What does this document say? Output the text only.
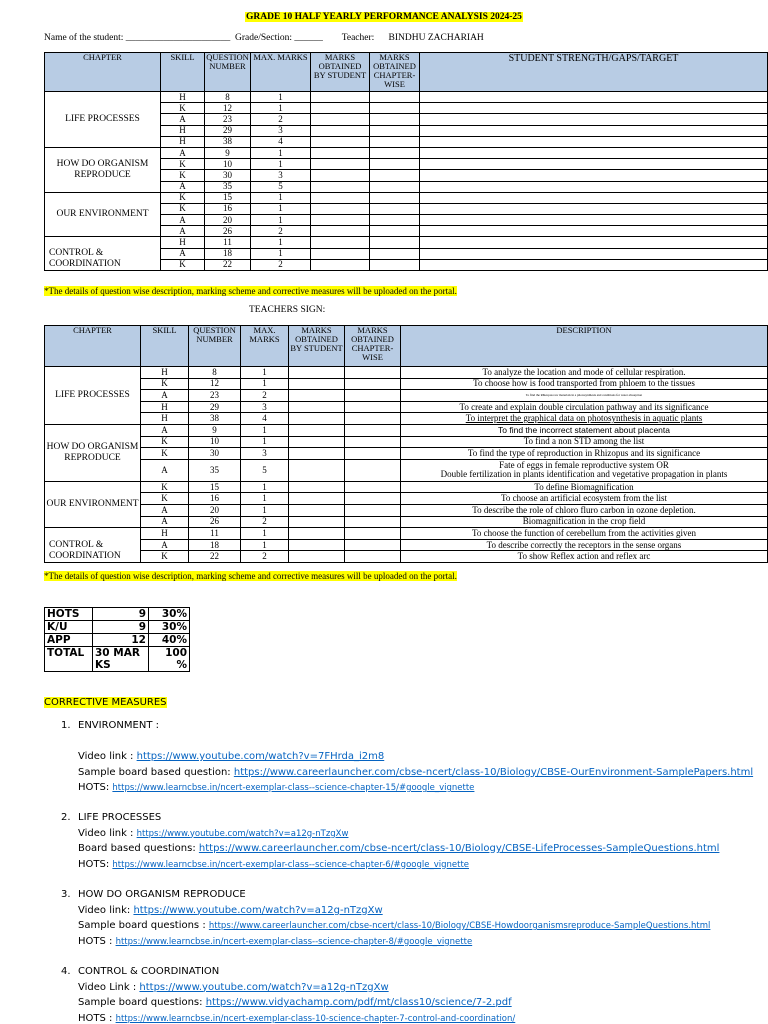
GRADE 10 HALF YEARLY PERFORMANCE ANALYSIS 2024-25
Name of the student: ______________________  Grade/Section: ______        Teacher:      BINDHU ZACHARIAH
CHAPTER	SKILL	QUESTION NUMBER	MAX. MARKS	MARKS OBTAINED BY STUDENT	MARKS OBTAINED CHAPTER-WISE	STUDENT STRENGTH/GAPS/TARGET
LIFE PROCESSES	H	8	1			
	K	12	1			
	A	23	2			
	H	29	3			
	H	38	4			
HOW DO ORGANISM REPRODUCE	A	9	1			
	K	10	1			
	K	30	3			
	A	35	5			
OUR ENVIRONMENT	K	15	1			
	K	16	1			
	A	20	1			
	A	26	2			
CONTROL & COORDINATION	H	11	1			
	A	18	1			
	K	22	2			
*The details of question wise description, marking scheme and corrective measures will be uploaded on the portal.
TEACHERS SIGN:
CHAPTER	SKILL	QUESTION NUMBER	MAX. MARKS	MARKS OBTAINED BY STUDENT	MARKS OBTAINED CHAPTER-WISE	DESCRIPTION
LIFE PROCESSES	H	8	1			To analyze the location and mode of cellular respiration.

	K	12	1			To choose how is food transported from phloem to the tissues

	A	23	2			To find the Rhizopus raw materials in a photosynthesis and conditions for water absorption

	H	29	3			To create and explain double circulation pathway and its significance

	H	38	4			To interpret the graphical data on photosynthesis in aquatic plants

HOW DO ORGANISM REPRODUCE	A	9	1			To find the incorrect statement about placenta

	K	10	1			To find a non STD among the list

	K	30	3			To find the type of reproduction in Rhizopus and its significance

	A	35	5			Fate of eggs in female reproductive system OR
Double fertilization in plants identification and vegetative propagation in plants

OUR ENVIRONMENT	K	15	1			To define Biomagnification

	K	16	1			To choose an artificial ecosystem from the list

	A	20	1			To describe the role of chloro fluro carbon in ozone depletion.

	A	26	2			Biomagnification in the crop field

CONTROL & COORDINATION	H	11	1			To choose the function of cerebellum from the activities given

	A	18	1			To describe correctly the receptors in the sense organs

	K	22	2			To show Reflex action and reflex arc
*The details of question wise description, marking scheme and corrective measures will be uploaded on the portal.
HOTS	9	30%
K/U	9	30%
APP	12	40%
TOTAL	30 MARKS	100 %
CORRECTIVE MEASURES
1. ENVIRONMENT :
Video link : https://www.youtube.com/watch?v=7FHrda_i2m8
Sample board based question: https://www.careerlauncher.com/cbse-ncert/class-10/Biology/CBSE-OurEnvironment-SamplePapers.html
HOTS: https://www.learncbse.in/ncert-exemplar-class--science-chapter-15/#google_vignette
2. LIFE PROCESSES
Video link : https://www.youtube.com/watch?v=a12g-nTzgXw
Board based questions: https://www.careerlauncher.com/cbse-ncert/class-10/Biology/CBSE-LifeProcesses-SampleQuestions.html
HOTS: https://www.learncbse.in/ncert-exemplar-class--science-chapter-6/#google_vignette
3. HOW DO ORGANISM REPRODUCE
Video link: https://www.youtube.com/watch?v=a12g-nTzgXw
Sample board questions : https://www.careerlauncher.com/cbse-ncert/class-10/Biology/CBSE-Howdoorganismsreproduce-SampleQuestions.html
HOTS : https://www.learncbse.in/ncert-exemplar-class--science-chapter-8/#google_vignette
4. CONTROL & COORDINATION
Video Link : https://www.youtube.com/watch?v=a12g-nTzgXw
Sample board questions: https://www.vidyachamp.com/pdf/mt/class10/science/7-2.pdf
HOTS : https://www.learncbse.in/ncert-exemplar-class-10-science-chapter-7-control-and-coordination/
